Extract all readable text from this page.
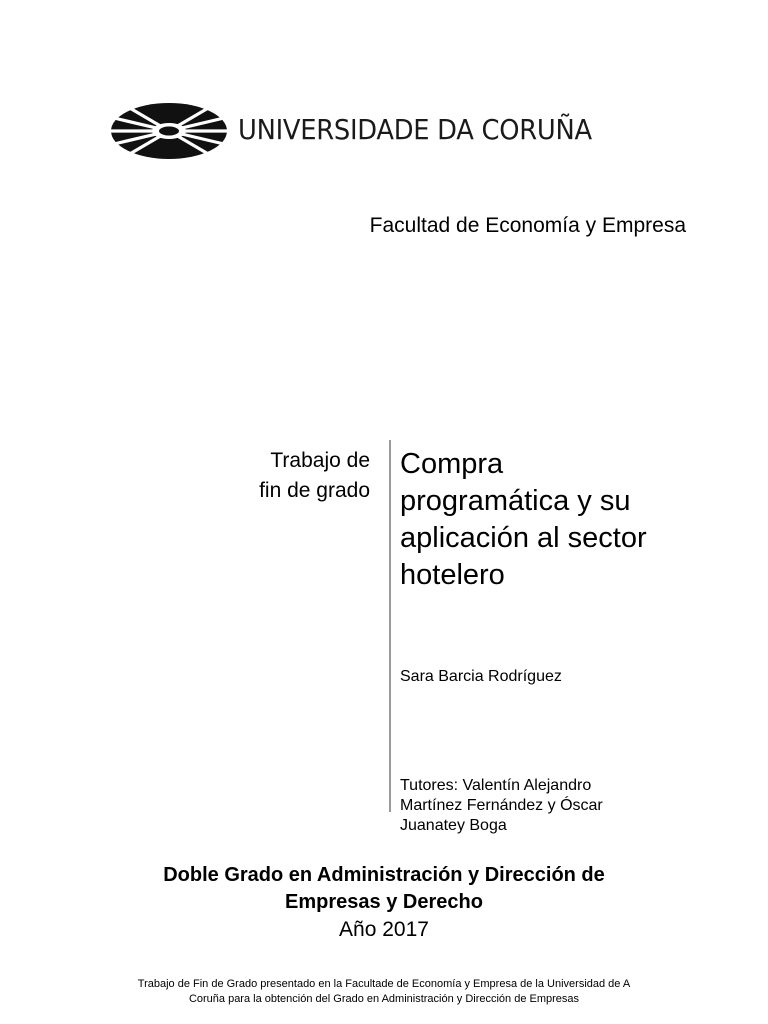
UNIVERSIDADE DA CORUÑA
Facultad de Economía y Empresa
Trabajo de
fin de grado
Compra
programática y su
aplicación al sector
hotelero
Sara Barcia Rodríguez
Tutores: Valentín Alejandro
Martínez Fernández y Óscar
Juanatey Boga
Doble Grado en Administración y Dirección de
Empresas y Derecho
Año 2017
Trabajo de Fin de Grado presentado en la Facultade de Economía y Empresa de la Universidad de A
Coruña para la obtención del Grado en Administración y Dirección de Empresas
